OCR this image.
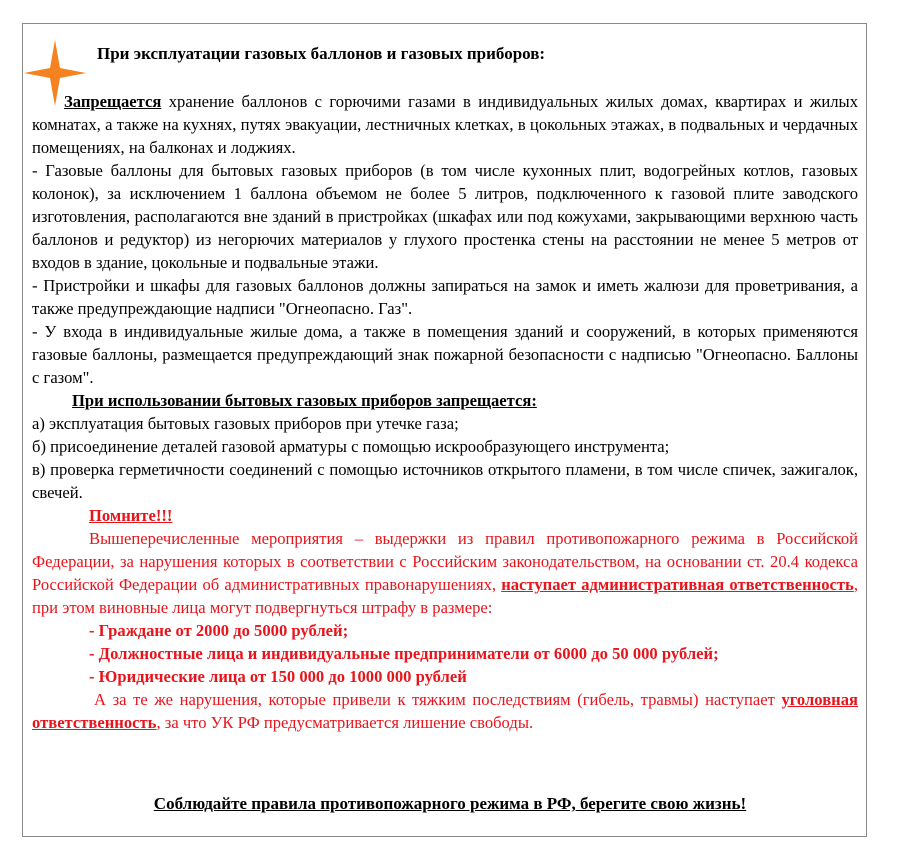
При эксплуатации газовых баллонов и газовых приборов:

Запрещается хранение баллонов с горючими газами в индивидуальных жилых домах, квартирах и жилых комнатах, а также на кухнях, путях эвакуации, лестничных клетках, в цокольных этажах, в подвальных и чердачных помещениях, на балконах и лоджиях.

- Газовые баллоны для бытовых газовых приборов (в том числе кухонных плит, водогрейных котлов, газовых колонок), за исключением 1 баллона объемом не более 5 литров, подключенного к газовой плите заводского изготовления, располагаются вне зданий в пристройках (шкафах или под кожухами, закрывающими верхнюю часть баллонов и редуктор) из негорючих материалов у глухого простенка стены на расстоянии не менее 5 метров от входов в здание, цокольные и подвальные этажи.

- Пристройки и шкафы для газовых баллонов должны запираться на замок и иметь жалюзи для проветривания, а также предупреждающие надписи "Огнеопасно. Газ".

- У входа в индивидуальные жилые дома, а также в помещения зданий и сооружений, в которых применяются газовые баллоны, размещается предупреждающий знак пожарной безопасности с надписью "Огнеопасно. Баллоны с газом".

При использовании бытовых газовых приборов запрещается:

а) эксплуатация бытовых газовых приборов при утечке газа;

б) присоединение деталей газовой арматуры с помощью искрообразующего инструмента;

в) проверка герметичности соединений с помощью источников открытого пламени, в том числе спичек, зажигалок, свечей.

Помните!!!

Вышеперечисленные мероприятия – выдержки из правил противопожарного режима в Российской Федерации, за нарушения которых в соответствии с Российским законодательством, на основании ст. 20.4 кодекса Российской Федерации об административных правонарушениях, наступает административная ответственность, при этом виновные лица могут подвергнуться штрафу в размере:

- Граждане от 2000 до 5000 рублей;

- Должностные лица и индивидуальные предприниматели от 6000 до 50 000 рублей;

- Юридические лица от 150 000 до 1000 000 рублей

А за те же нарушения, которые привели к тяжким последствиям (гибель, травмы) наступает уголовная ответственность, за что УК РФ предусматривается лишение свободы.

Соблюдайте правила противопожарного режима в РФ, берегите свою жизнь!
